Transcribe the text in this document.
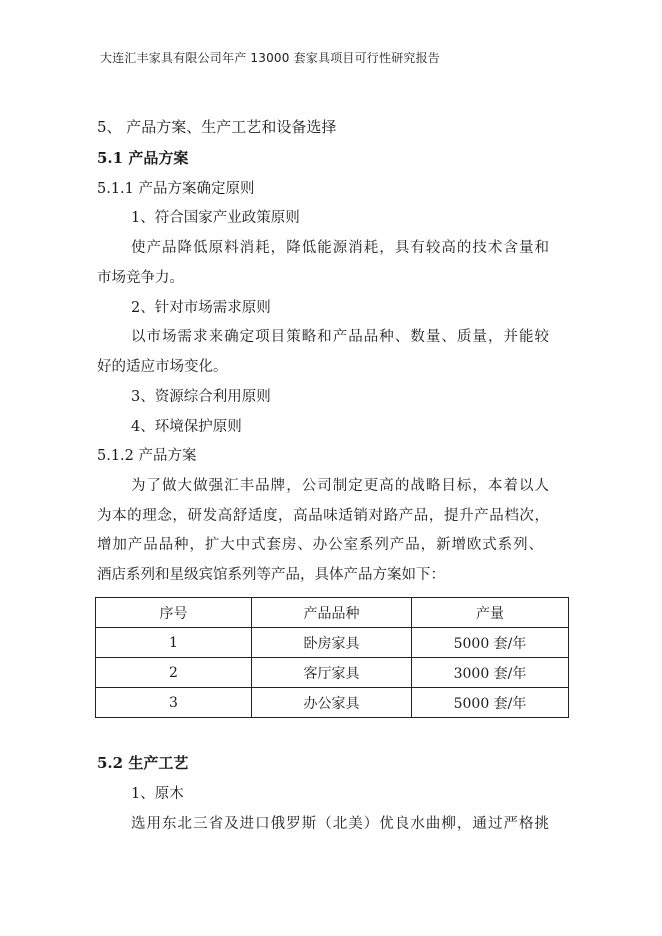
大连汇丰家具有限公司年产 13000 套家具项目可行性研究报告
5、 产品方案、生产工艺和设备选择
5.1 产品方案
5.1.1 产品方案确定原则
1、符合国家产业政策原则
使产品降低原料消耗，降低能源消耗，具有较高的技术含量和
市场竞争力。
2、针对市场需求原则
以市场需求来确定项目策略和产品品种、数量、质量，并能较
好的适应市场变化。
3、资源综合利用原则
4、环境保护原则
5.1.2 产品方案
为了做大做强汇丰品牌，公司制定更高的战略目标，本着以人
为本的理念，研发高舒适度，高品味适销对路产品，提升产品档次，
增加产品品种，扩大中式套房、办公室系列产品，新增欧式系列、
酒店系列和星级宾馆系列等产品，具体产品方案如下：
序号	产品品种	产量
1	卧房家具	5000 套/年
2	客厅家具	3000 套/年
3	办公家具	5000 套/年
5.2 生产工艺
1、原木
选用东北三省及进口俄罗斯（北美）优良水曲柳，通过严格挑
